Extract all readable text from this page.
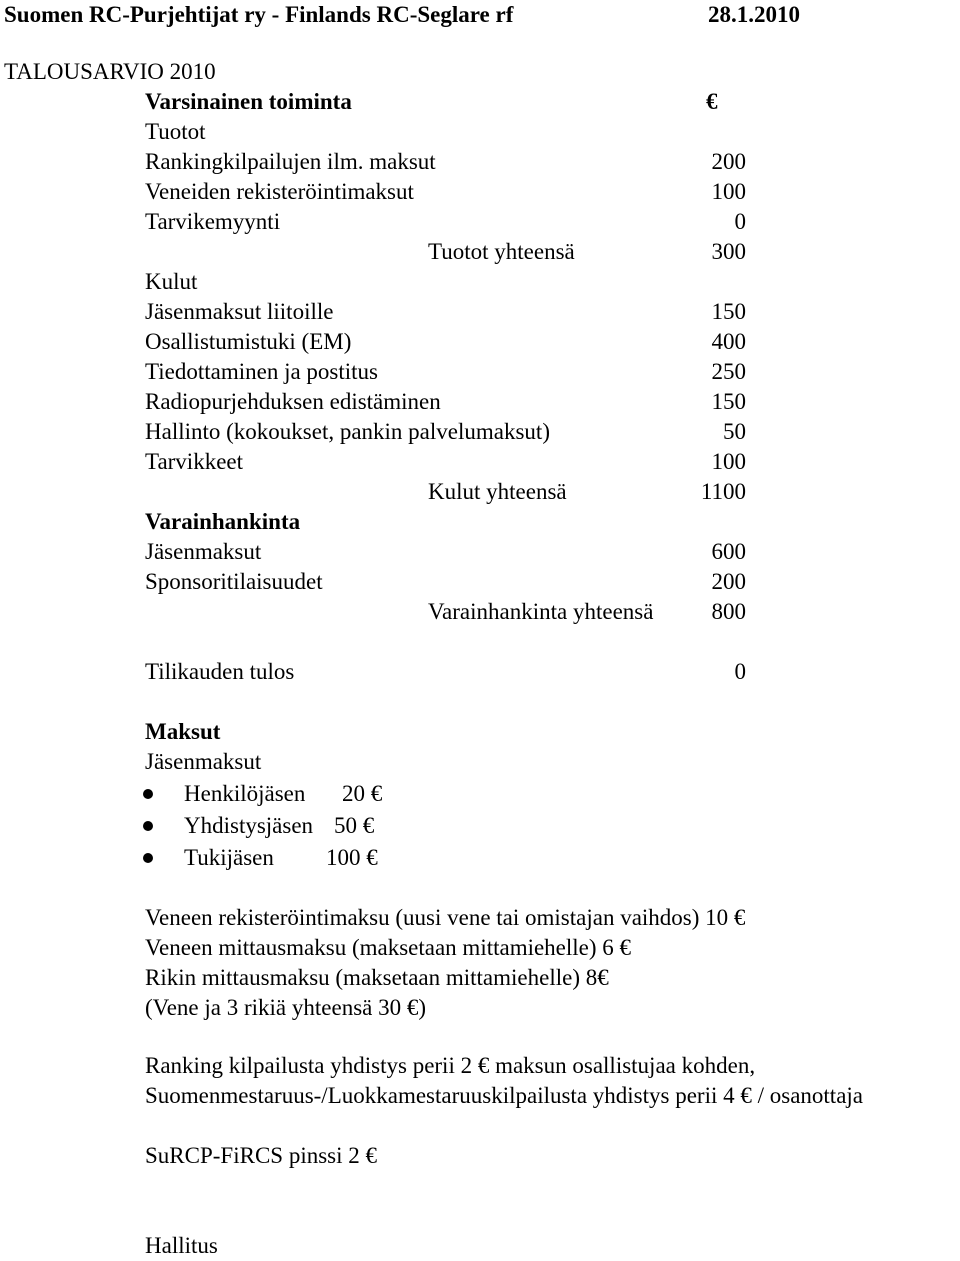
Suomen RC-Purjehtijat ry - Finlands RC-Seglare rf	28.1.2010
TALOUSARVIO 2010
Varsinainen toiminta	€
Tuotot
Rankingkilpailujen ilm. maksut	200
Veneiden rekisteröintimaksut	100
Tarvikemyynti	0
Tuotot yhteensä	300
Kulut
Jäsenmaksut liitoille	150
Osallistumistuki (EM)	400
Tiedottaminen ja postitus	250
Radiopurjehduksen edistäminen	150
Hallinto (kokoukset, pankin palvelumaksut)	50
Tarvikkeet	100
Kulut yhteensä	1100
Varainhankinta
Jäsenmaksut	600
Sponsoritilaisuudet	200
Varainhankinta yhteensä	800
Tilikauden tulos	0
Maksut
Jäsenmaksut
Henkilöjäsen 20 €
Yhdistysjäsen 50 €
Tukijäsen 100 €
Veneen rekisteröintimaksu (uusi vene tai omistajan vaihdos) 10 €
Veneen mittausmaksu (maksetaan mittamiehelle) 6 €
Rikin mittausmaksu (maksetaan mittamiehelle) 8€
(Vene ja 3 rikiä yhteensä 30 €)
Ranking kilpailusta yhdistys perii 2 € maksun osallistujaa kohden,
Suomenmestaruus-/Luokkamestaruuskilpailusta yhdistys perii 4 € / osanottaja
SuRCP-FiRCS pinssi 2 €
Hallitus
